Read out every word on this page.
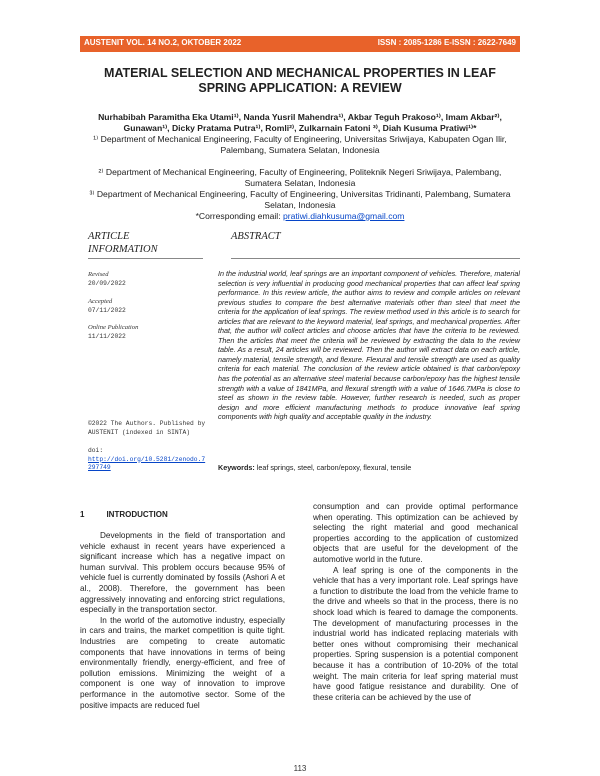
AUSTENIT VOL. 14 NO.2, OKTOBER 2022	ISSN : 2085-1286 E-ISSN : 2622-7649
MATERIAL SELECTION AND MECHANICAL PROPERTIES IN LEAF SPRING APPLICATION: A REVIEW
Nurhabibah Paramitha Eka Utami¹⁾, Nanda Yusril Mahendra¹⁾, Akbar Teguh Prakoso¹⁾, Imam Akbar²⁾, Gunawan¹⁾, Dicky Pratama Putra¹⁾, Romli²⁾, Zulkarnain Fatoni ³⁾, Diah Kusuma Pratiwi¹⁾*
¹⁾ Department of Mechanical Engineering, Faculty of Engineering, Universitas Sriwijaya, Kabupaten Ogan Ilir, Palembang, Sumatera Selatan, Indonesia
²⁾ Department of Mechanical Engineering, Faculty of Engineering, Politeknik Negeri Sriwijaya, Palembang, Sumatera Selatan, Indonesia
³⁾ Department of Mechanical Engineering, Faculty of Engineering, Universitas Tridinanti, Palembang, Sumatera Selatan, Indonesia
*Corresponding email: pratiwi.diahkusuma@gmail.com
ARTICLE INFORMATION
ABSTRACT
Revised
20/09/2022
Accepted
07/11/2022
Online Publication
11/11/2022
©2022 The Authors. Published by AUSTENIT (indexed in SINTA)
doi:
http://doi.org/10.5281/zenodo.7297749
In the industrial world, leaf springs are an important component of vehicles. Therefore, material selection is very influential in producing good mechanical properties that can affect leaf spring performance. In this review article, the author aims to review and compile articles on relevant previous studies to compare the best alternative materials other than steel that meet the criteria for the application of leaf springs. The review method used in this article is to search for articles that are relevant to the keyword material, leaf springs, and mechanical properties. After that, the author will collect articles and choose articles that have the criteria to be reviewed. Then the articles that meet the criteria will be reviewed by extracting the data to the review table. As a result, 24 articles will be reviewed. Then the author will extract data on each article, namely material, tensile strength, and flexure. Flexural and tensile strength are used as quality criteria for each material. The conclusion of the review article obtained is that carbon/epoxy has the potential as an alternative steel material because carbon/epoxy has the highest tensile strength with a value of 1841MPa, and flexural strength with a value of 1646.7MPa is close to steel as shown in the review table. However, further research is needed, such as proper design and more efficient manufacturing methods to produce innovative leaf spring components with high quality and acceptable quality in the industry.
Keywords: leaf springs, steel, carbon/epoxy, flexural, tensile
1	INTRODUCTION

Developments in the field of transportation and vehicle exhaust in recent years have experienced a significant increase which has a negative impact on human survival. This problem occurs because 95% of vehicle fuel is currently dominated by fossils (Ashori A et al., 2008). Therefore, the government has been aggressively innovating and enforcing strict regulations, especially in the transportation sector.

In the world of the automotive industry, especially in cars and trains, the market competition is quite tight. Industries are competing to create automatic components that have innovations in terms of being environmentally friendly, energy-efficient, and free of pollution emissions. Minimizing the weight of a component is one way of innovation to improve performance in the automotive sector. Some of the positive impacts are reduced fuel

consumption and can provide optimal performance when operating. This optimization can be achieved by selecting the right material and good mechanical properties according to the application of customized objects that are useful for the development of the automotive world in the future.

A leaf spring is one of the components in the vehicle that has a very important role. Leaf springs have a function to distribute the load from the vehicle frame to the drive and wheels so that in the process, there is no shock load which is feared to damage the components. The development of manufacturing processes in the industrial world has indicated replacing materials with better ones without compromising their mechanical properties. Spring suspension is a potential component because it has a contribution of 10-20% of the total weight. The main criteria for leaf spring material must have good fatigue resistance and durability. One of these criteria can be achieved by the use of

113
